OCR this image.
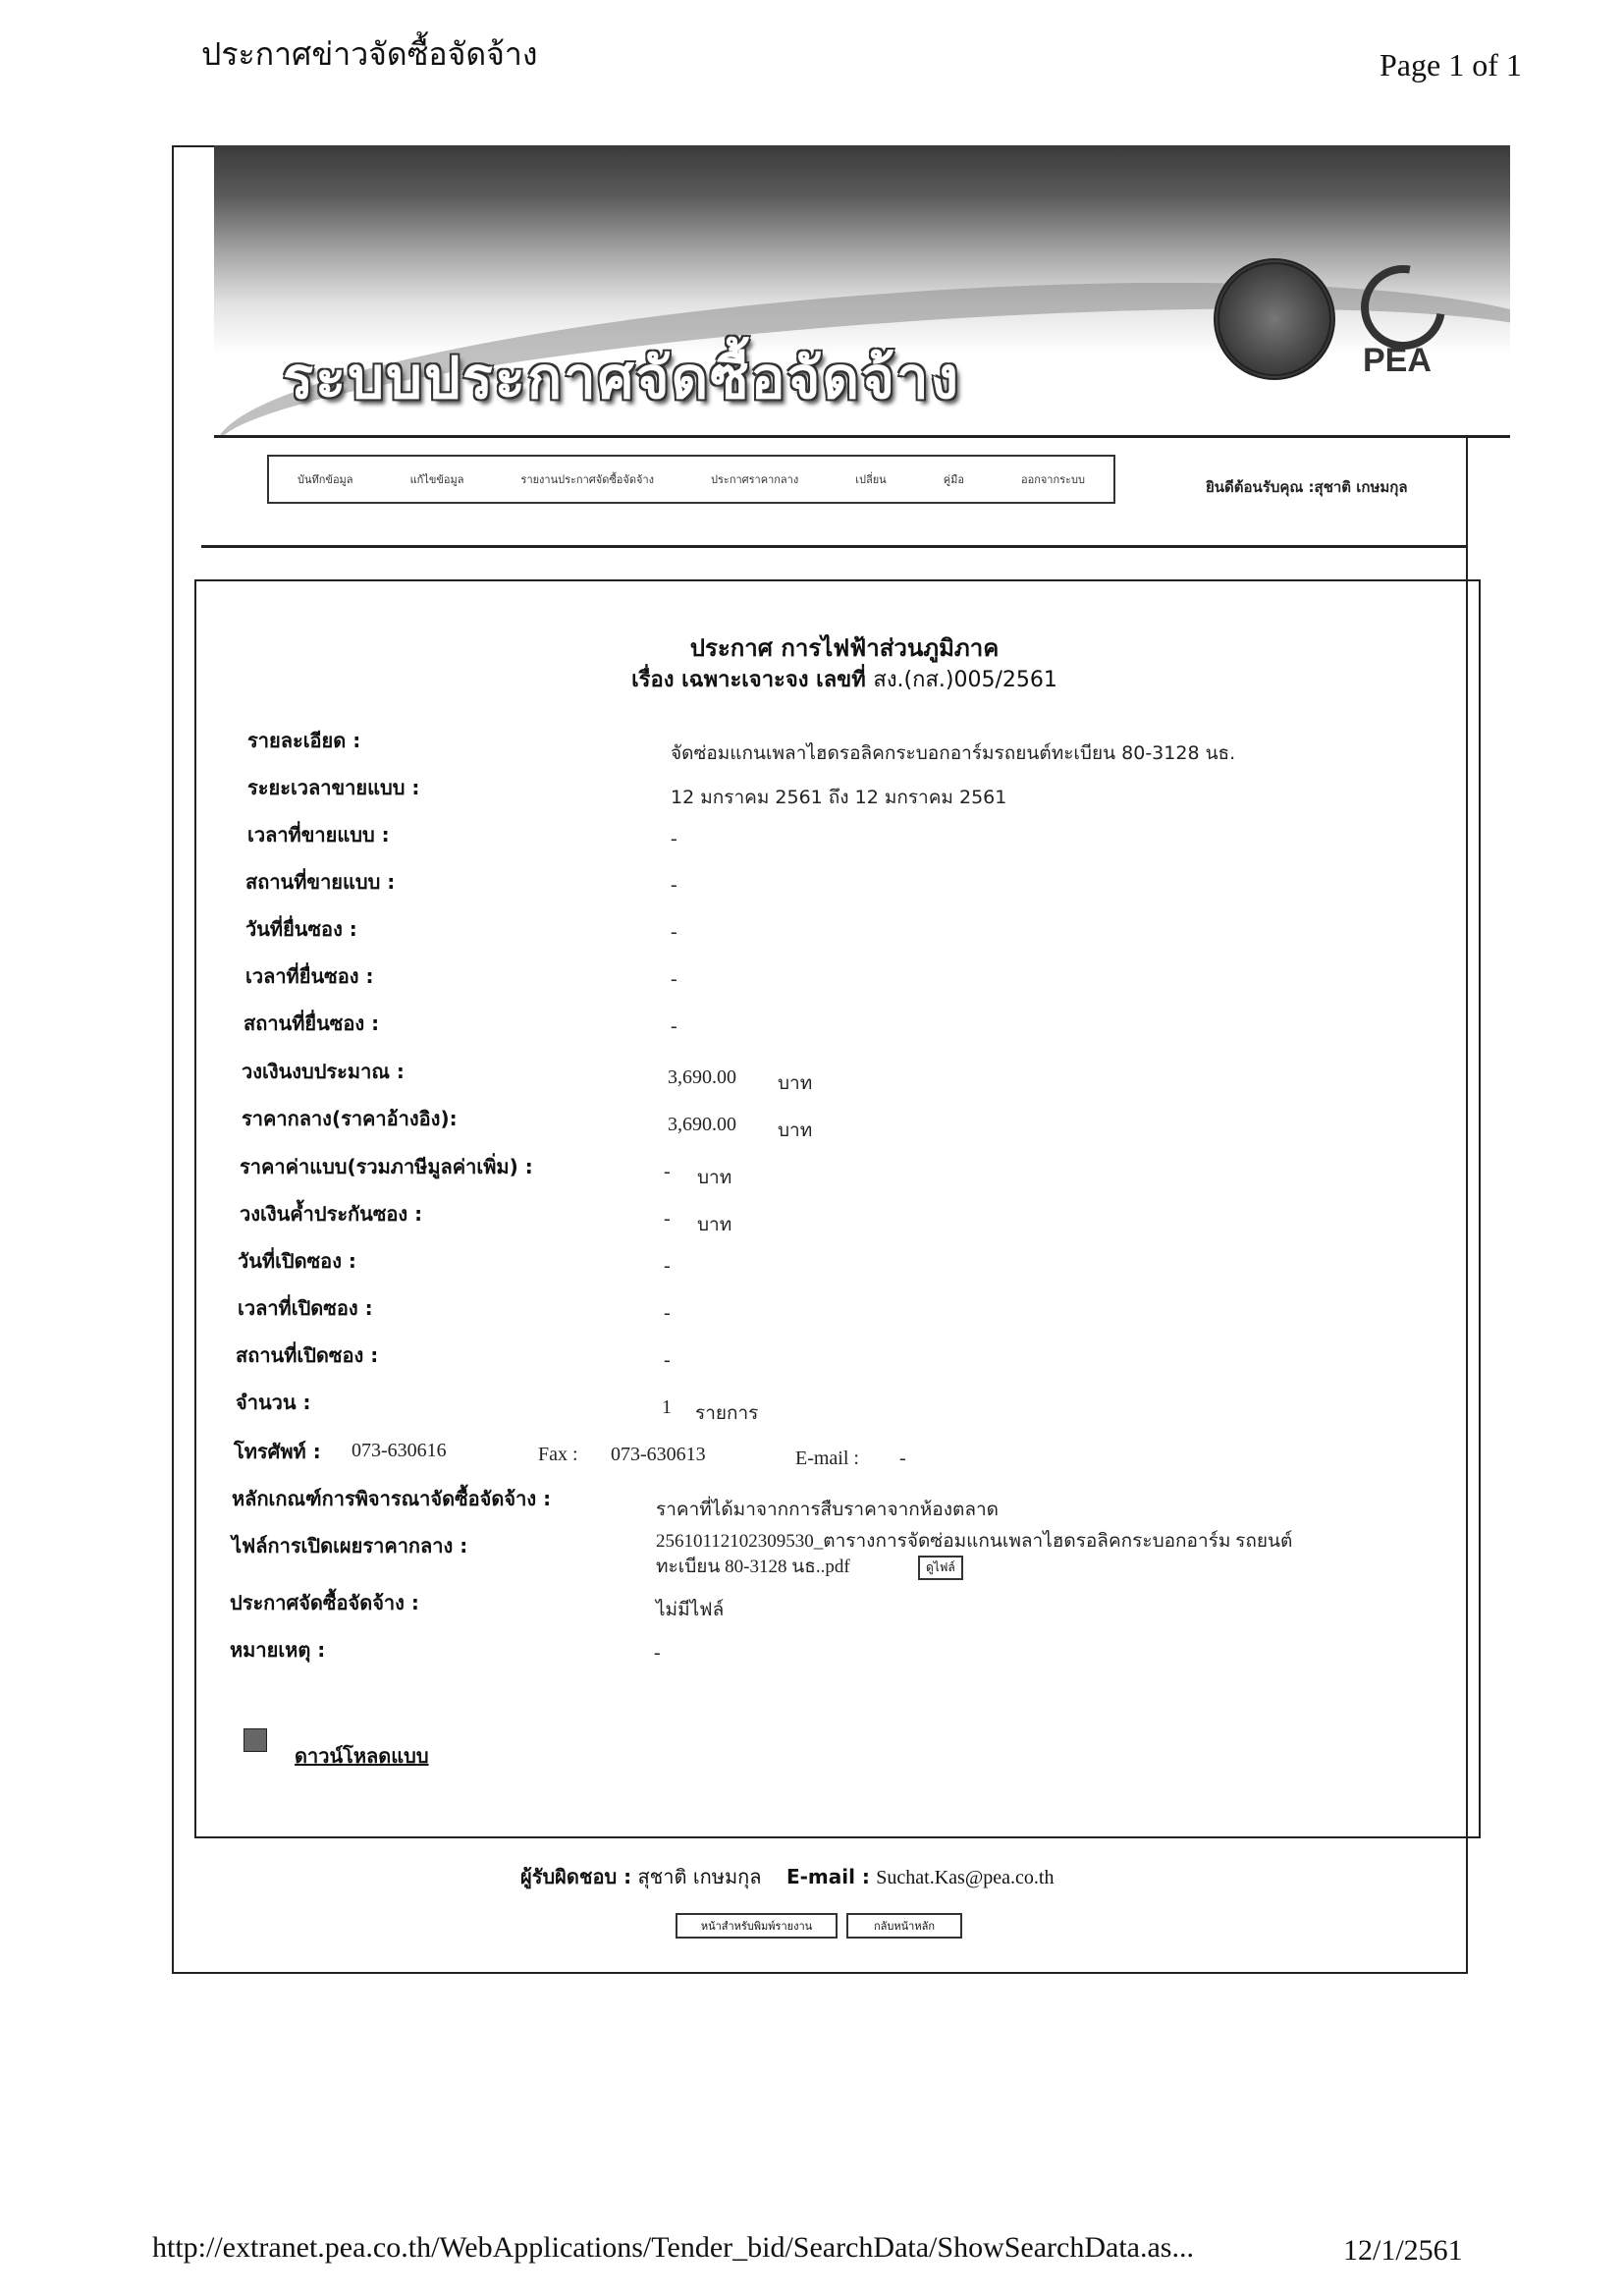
ประกาศข่าวจัดซื้อจัดจ้าง	Page 1 of 1
ระบบประกาศจัดซื้อจัดจ้าง	PEA
บันทึกข้อมูล	แก้ไขข้อมูล	รายงานประกาศจัดซื้อจัดจ้าง	ประกาศราคากลาง	เปลี่ยน	คู่มือ	ออกจากระบบ	ยินดีต้อนรับคุณ :สุชาติ เกษมกุล
ประกาศ การไฟฟ้าส่วนภูมิภาค
เรื่อง เฉพาะเจาะจง เลขที่ สง.(กส.)005/2561
รายละเอียด :
จัดซ่อมแกนเพลาไฮดรอลิคกระบอกอาร์มรถยนต์ทะเบียน 80-3128 นธ.
ระยะเวลาขายแบบ :	12 มกราคม 2561 ถึง 12 มกราคม 2561
เวลาที่ขายแบบ :	-
สถานที่ขายแบบ :	-
วันที่ยื่นซอง :	-
เวลาที่ยื่นซอง :	-
สถานที่ยื่นซอง :	-
วงเงินงบประมาณ :	3,690.00 บาท
ราคากลาง(ราคาอ้างอิง):	3,690.00 บาท
ราคาค่าแบบ(รวมภาษีมูลค่าเพิ่ม) :	- บาท
วงเงินค้ำประกันซอง :	- บาท
วันที่เปิดซอง :	-
เวลาที่เปิดซอง :	-
สถานที่เปิดซอง :	-
จำนวน :	1 รายการ
โทรศัพท์ : 073-630616	Fax : 073-630613	E-mail : -
หลักเกณฑ์การพิจารณาจัดซื้อจัดจ้าง :	ราคาที่ได้มาจากการสืบราคาจากห้องตลาด
ไฟล์การเปิดเผยราคากลาง :	25610112102309530_ตารางการจัดซ่อมแกนเพลาไฮดรอลิคกระบอกอาร์ม รถยนต์
ทะเบียน 80-3128 นธ..pdf	ดูไฟล์
ประกาศจัดซื้อจัดจ้าง :	ไม่มีไฟล์
หมายเหตุ :	-
ดาวน์โหลดแบบ
ผู้รับผิดชอบ : สุชาติ เกษมกุล E-mail : Suchat.Kas@pea.co.th
หน้าสำหรับพิมพ์รายงาน	กลับหน้าหลัก
http://extranet.pea.co.th/WebApplications/Tender_bid/SearchData/ShowSearchData.as...	12/1/2561
